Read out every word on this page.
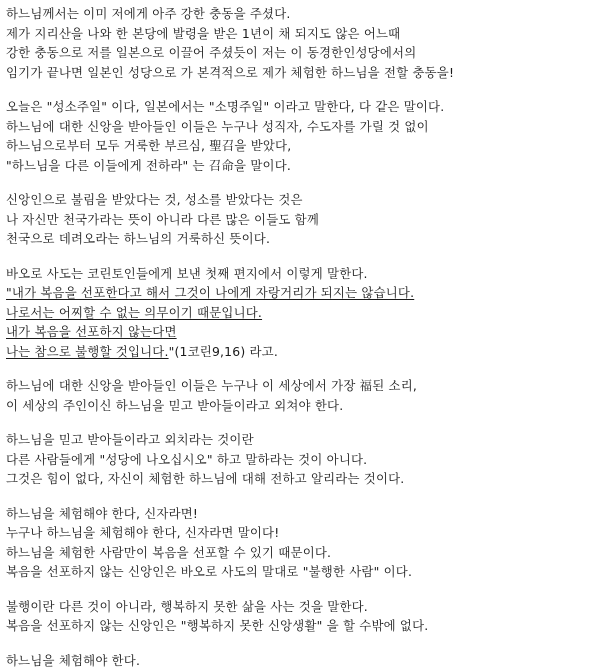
하느님께서는 이미 저에게 아주 강한 충동을 주셨다.
제가 지리산을 나와 한 본당에 발령을 받은 1년이 채 되지도 않은 어느때
강한 충동으로 저를 일본으로 이끌어 주셨듯이 저는 이 동경한인성당에서의
임기가 끝나면 일본인 성당으로 가 본격적으로 제가 체험한 하느님을 전할 충동을!
오늘은 "성소주일" 이다, 일본에서는 "소명주일" 이라고 말한다, 다 같은 말이다.
하느님에 대한 신앙을 받아들인 이들은 누구나 성직자, 수도자를 가릴 것 없이
하느님으로부터 모두 거룩한 부르심, 聖召을 받았다,
"하느님을 다른 이들에게 전하라" 는 召命을 말이다.
신앙인으로 불림을 받았다는 것, 성소를 받았다는 것은
나 자신만 천국가라는 뜻이 아니라 다른 많은 이들도 함께
천국으로 데려오라는 하느님의 거룩하신 뜻이다.
바오로 사도는 코린토인들에게 보낸 첫째 편지에서 이렇게 말한다.
"내가 복음을 선포한다고 해서 그것이 나에게 자랑거리가 되지는 않습니다.
나로서는 어찌할 수 없는 의무이기 때문입니다.
내가 복음을 선포하지 않는다면
나는 참으로 불행할 것입니다."(1코린9,16) 라고.
하느님에 대한 신앙을 받아들인 이들은 누구나 이 세상에서 가장 福된 소리,
이 세상의 주인이신 하느님을 믿고 받아들이라고 외쳐야 한다.
하느님을 믿고 받아들이라고 외치라는 것이란
다른 사람들에게 "성당에 나오십시오" 하고 말하라는 것이 아니다.
그것은 힘이 없다, 자신이 체험한 하느님에 대해 전하고 알리라는 것이다.
하느님을 체험해야 한다, 신자라면!
누구나 하느님을 체험해야 한다, 신자라면 말이다!
하느님을 체험한 사람만이 복음을 선포할 수 있기 때문이다.
복음을 선포하지 않는 신앙인은 바오로 사도의 말대로 "불행한 사람" 이다.
불행이란 다른 것이 아니라, 행복하지 못한 삶을 사는 것을 말한다.
복음을 선포하지 않는 신앙인은 "행복하지 못한 신앙생활" 을 할 수밖에 없다.
하느님을 체험해야 한다.
